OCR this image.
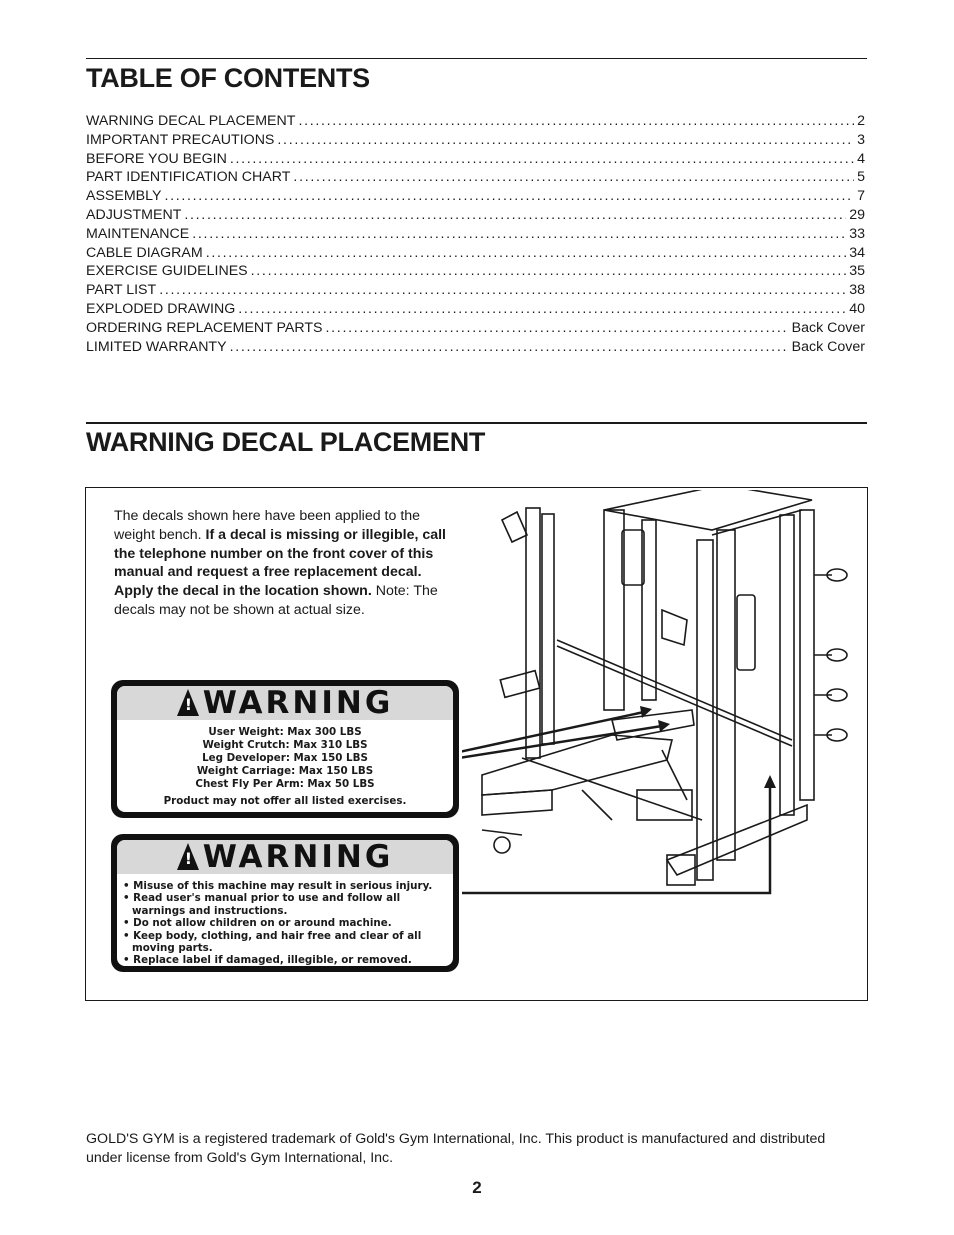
TABLE OF CONTENTS
WARNING DECAL PLACEMENT .....	2
IMPORTANT PRECAUTIONS .....	3
BEFORE YOU BEGIN .....	4
PART IDENTIFICATION CHART .....	5
ASSEMBLY .....	7
ADJUSTMENT .....	29
MAINTENANCE .....	33
CABLE DIAGRAM .....	34
EXERCISE GUIDELINES .....	35
PART LIST .....	38
EXPLODED DRAWING .....	40
ORDERING REPLACEMENT PARTS .....	Back Cover
LIMITED WARRANTY .....	Back Cover
WARNING DECAL PLACEMENT
The decals shown here have been applied to the weight bench. If a decal is missing or illegible, call the telephone number on the front cover of this manual and request a free replacement decal. Apply the decal in the location shown. Note: The decals may not be shown at actual size.
!
WARNING
User Weight: Max 300 LBS
Weight Crutch: Max 310 LBS
Leg Developer: Max 150 LBS
Weight Carriage: Max 150 LBS
Chest Fly Per Arm: Max 50 LBS
Product may not offer all listed exercises.
!
WARNING
• Misuse of this machine may result in serious injury.
• Read user's manual prior to use and follow all warnings and instructions.
• Do not allow children on or around machine.
• Keep body, clothing, and hair free and clear of all moving parts.
• Replace label if damaged, illegible, or removed.
GOLD'S GYM is a registered trademark of Gold's Gym International, Inc. This product is manufactured and distributed under license from Gold's Gym International, Inc.
2
